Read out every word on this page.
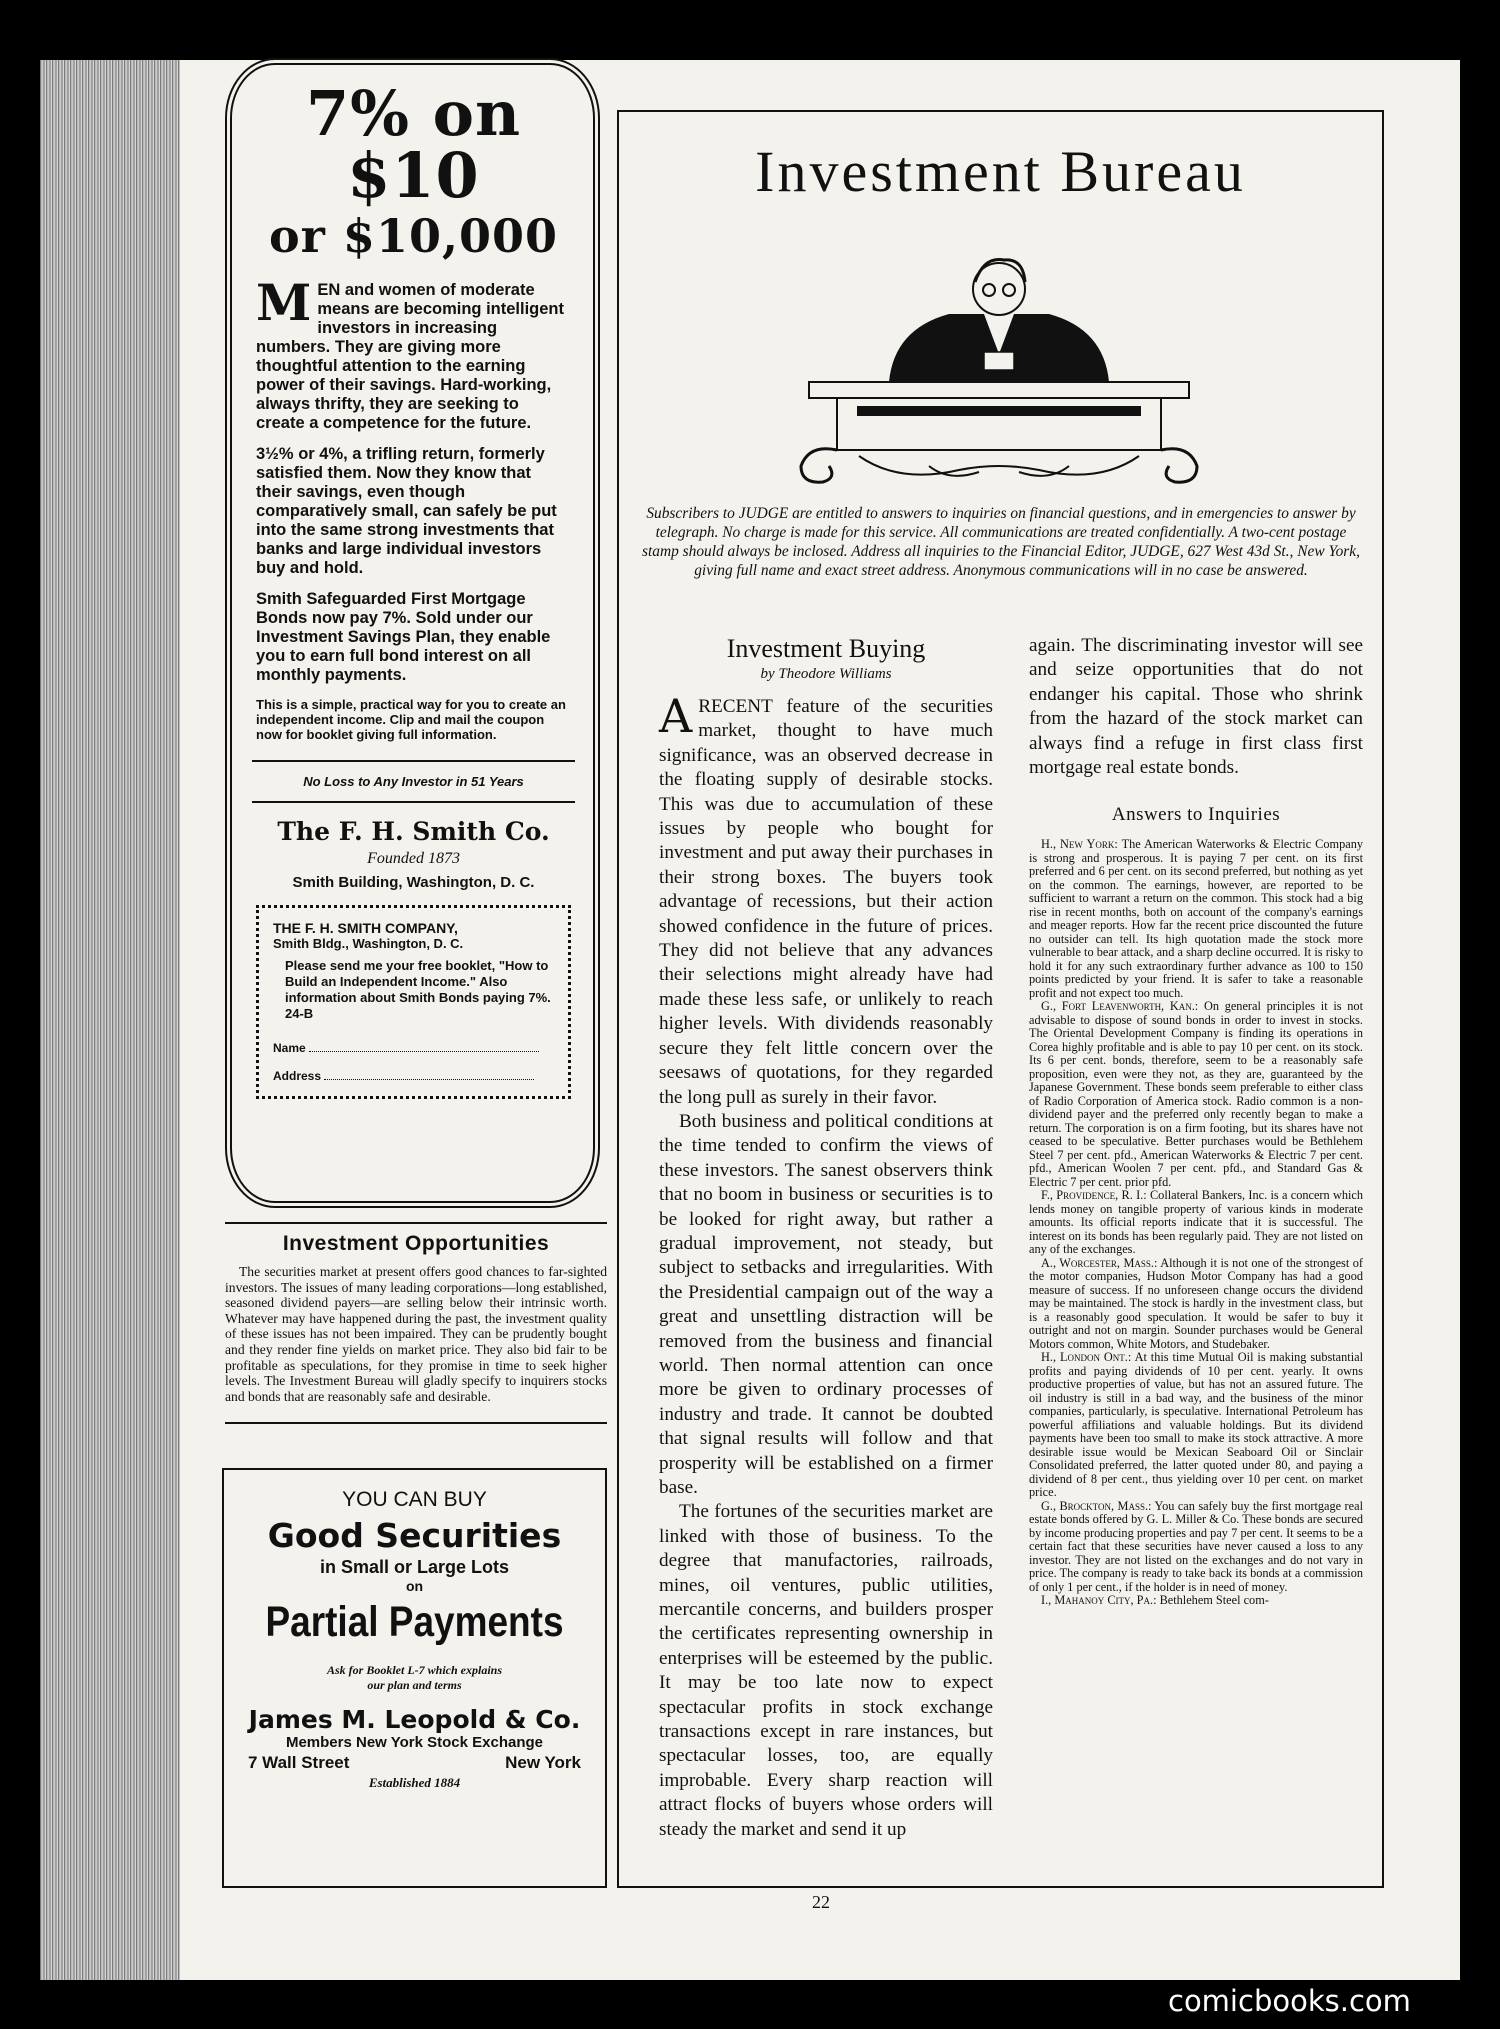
7% on $10
or $10,000

MEN and women of moderate means are becoming intelligent investors in increasing numbers. They are giving more thoughtful attention to the earning power of their savings. Hard-working, always thrifty, they are seeking to create a competence for the future.

3½% or 4%, a trifling return, formerly satisfied them. Now they know that their savings, even though comparatively small, can safely be put into the same strong investments that banks and large individual investors buy and hold.

Smith Safeguarded First Mortgage Bonds now pay 7%. Sold under our Investment Savings Plan, they enable you to earn full bond interest on all monthly payments.

This is a simple, practical way for you to create an independent income. Clip and mail the coupon now for booklet giving full information.

No Loss to Any Investor in 51 Years
The F. H. Smith Co.
Founded 1873
Smith Building, Washington, D. C.
THE F. H. SMITH COMPANY,
Smith Bldg., Washington, D. C.
Please send me your free booklet, "How to Build an Independent Income." Also information about Smith Bonds paying 7%. 24-B
Name
Address
Investment Opportunities
The securities market at present offers good chances to far-sighted investors. The issues of many leading corporations—long established, seasoned dividend payers—are selling below their intrinsic worth. Whatever may have happened during the past, the investment quality of these issues has not been impaired. They can be prudently bought and they render fine yields on market price. They also bid fair to be profitable as speculations, for they promise in time to seek higher levels. The Investment Bureau will gladly specify to inquirers stocks and bonds that are reasonably safe and desirable.
YOU CAN BUY
Good Securities
in Small or Large Lots
on
Partial Payments
Ask for Booklet L-7 which explains
our plan and terms
James M. Leopold & Co.
Members New York Stock Exchange
7 Wall Street	New York
Established 1884
Investment Bureau
Subscribers to JUDGE are entitled to answers to inquiries on financial questions, and in emergencies to answer by telegraph. No charge is made for this service. All communications are treated confidentially. A two-cent postage stamp should always be inclosed. Address all inquiries to the Financial Editor, JUDGE, 627 West 43d St., New York, giving full name and exact street address. Anonymous communications will in no case be answered.
Investment Buying
by Theodore Williams

ARECENT feature of the securities market, thought to have much significance, was an observed decrease in the floating supply of desirable stocks. This was due to accumulation of these issues by people who bought for investment and put away their purchases in their strong boxes. The buyers took advantage of recessions, but their action showed confidence in the future of prices. They did not believe that any advances their selections might already have had made these less safe, or unlikely to reach higher levels. With dividends reasonably secure they felt little concern over the seesaws of quotations, for they regarded the long pull as surely in their favor.

Both business and political conditions at the time tended to confirm the views of these investors. The sanest observers think that no boom in business or securities is to be looked for right away, but rather a gradual improvement, not steady, but subject to setbacks and irregularities. With the Presidential campaign out of the way a great and unsettling distraction will be removed from the business and financial world. Then normal attention can once more be given to ordinary processes of industry and trade. It cannot be doubted that signal results will follow and that prosperity will be established on a firmer base.

The fortunes of the securities market are linked with those of business. To the degree that manufactories, railroads, mines, oil ventures, public utilities, mercantile concerns, and builders prosper the certificates representing ownership in enterprises will be esteemed by the public. It may be too late now to expect spectacular profits in stock exchange transactions except in rare instances, but spectacular losses, too, are equally improbable. Every sharp reaction will attract flocks of buyers whose orders will steady the market and send it up

again. The discriminating investor will see and seize opportunities that do not endanger his capital. Those who shrink from the hazard of the stock market can always find a refuge in first class first mortgage real estate bonds.
Answers to Inquiries

H., New York: The American Waterworks & Electric Company is strong and prosperous. It is paying 7 per cent. on its first preferred and 6 per cent. on its second preferred, but nothing as yet on the common. The earnings, however, are reported to be sufficient to warrant a return on the common. This stock had a big rise in recent months, both on account of the company's earnings and meager reports. How far the recent price discounted the future no outsider can tell. Its high quotation made the stock more vulnerable to bear attack, and a sharp decline occurred. It is risky to hold it for any such extraordinary further advance as 100 to 150 points predicted by your friend. It is safer to take a reasonable profit and not expect too much.

G., Fort Leavenworth, Kan.: On general principles it is not advisable to dispose of sound bonds in order to invest in stocks. The Oriental Development Company is finding its operations in Corea highly profitable and is able to pay 10 per cent. on its stock. Its 6 per cent. bonds, therefore, seem to be a reasonably safe proposition, even were they not, as they are, guaranteed by the Japanese Government. These bonds seem preferable to either class of Radio Corporation of America stock. Radio common is a non-dividend payer and the preferred only recently began to make a return. The corporation is on a firm footing, but its shares have not ceased to be speculative. Better purchases would be Bethlehem Steel 7 per cent. pfd., American Waterworks & Electric 7 per cent. pfd., American Woolen 7 per cent. pfd., and Standard Gas & Electric 7 per cent. prior pfd.

F., Providence, R. I.: Collateral Bankers, Inc. is a concern which lends money on tangible property of various kinds in moderate amounts. Its official reports indicate that it is successful. The interest on its bonds has been regularly paid. They are not listed on any of the exchanges.

A., Worcester, Mass.: Although it is not one of the strongest of the motor companies, Hudson Motor Company has had a good measure of success. If no unforeseen change occurs the dividend may be maintained. The stock is hardly in the investment class, but is a reasonably good speculation. It would be safer to buy it outright and not on margin. Sounder purchases would be General Motors common, White Motors, and Studebaker.

H., London Ont.: At this time Mutual Oil is making substantial profits and paying dividends of 10 per cent. yearly. It owns productive properties of value, but has not an assured future. The oil industry is still in a bad way, and the business of the minor companies, particularly, is speculative. International Petroleum has powerful affiliations and valuable holdings. But its dividend payments have been too small to make its stock attractive. A more desirable issue would be Mexican Seaboard Oil or Sinclair Consolidated preferred, the latter quoted under 80, and paying a dividend of 8 per cent., thus yielding over 10 per cent. on market price.

G., Brockton, Mass.: You can safely buy the first mortgage real estate bonds offered by G. L. Miller & Co. These bonds are secured by income producing properties and pay 7 per cent. It seems to be a certain fact that these securities have never caused a loss to any investor. They are not listed on the exchanges and do not vary in price. The company is ready to take back its bonds at a commission of only 1 per cent., if the holder is in need of money.

I., Mahanoy City, Pa.: Bethlehem Steel com-

22
comicbooks.com
